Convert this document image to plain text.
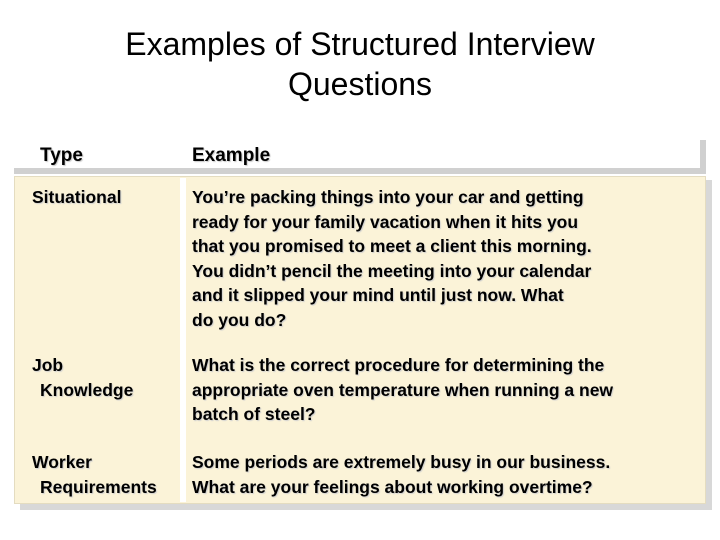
Examples of Structured Interview
Questions
Type	Example
Situational	You’re packing things into your car and getting
ready for your family vacation when it hits you
that you promised to meet a client this morning.
You didn’t pencil the meeting into your calendar
and it slipped your mind until just now. What
do you do?
Job
Knowledge
What is the correct procedure for determining the
appropriate oven temperature when running a new
batch of steel?
Worker
Requirements
Some periods are extremely busy in our business.
What are your feelings about working overtime?
